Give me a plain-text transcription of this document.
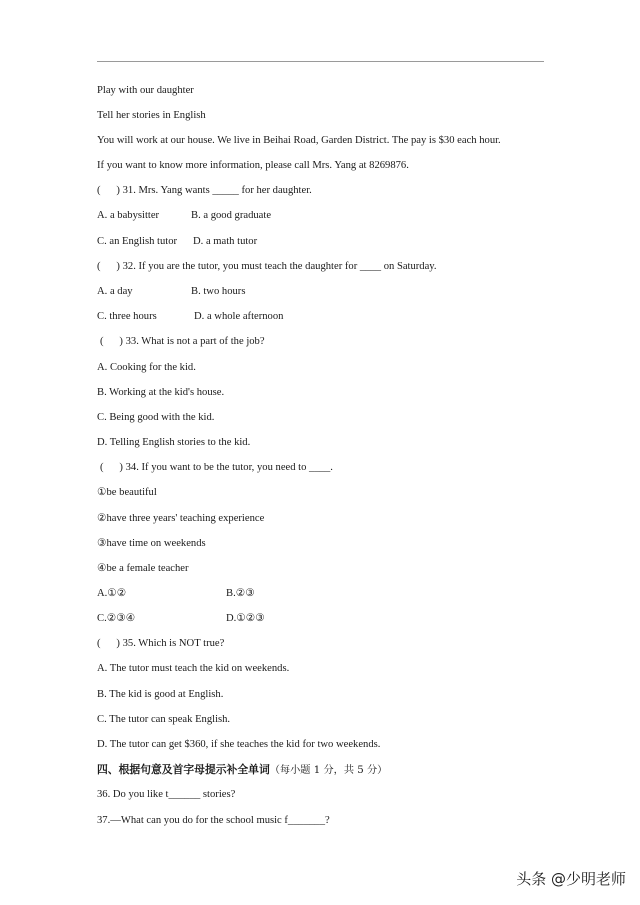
Play with our daughter
Tell her stories in English
You will work at our house. We live in Beihai Road, Garden District. The pay is $30 each hour.
If you want to know more information, please call Mrs. Yang at 8269876.
(      ) 31. Mrs. Yang wants _____ for her daughter.
A. a babysitter	B. a good graduate
C. an English tutor D. a math tutor
(      ) 32. If you are the tutor, you must teach the daughter for ____ on Saturday.
A. a day	B. two hours
C. three hours	D. a whole afternoon
(      ) 33. What is not a part of the job?
A. Cooking for the kid.
B. Working at the kid's house.
C. Being good with the kid.
D. Telling English stories to the kid.
(      ) 34. If you want to be the tutor, you need to ____.
①be beautiful
②have three years' teaching experience
③have time on weekends
④be a female teacher
A.①②	B.②③
C.②③④	D.①②③
(      ) 35. Which is NOT true?
A. The tutor must teach the kid on weekends.
B. The kid is good at English.
C. The tutor can speak English.
D. The tutor can get $360, if she teaches the kid for two weekends.
四、根据句意及首字母提示补全单词（每小题 1 分，共 5 分）
36. Do you like t______ stories?
37.—What can you do for the school music f_______?
头条 @少明老师
